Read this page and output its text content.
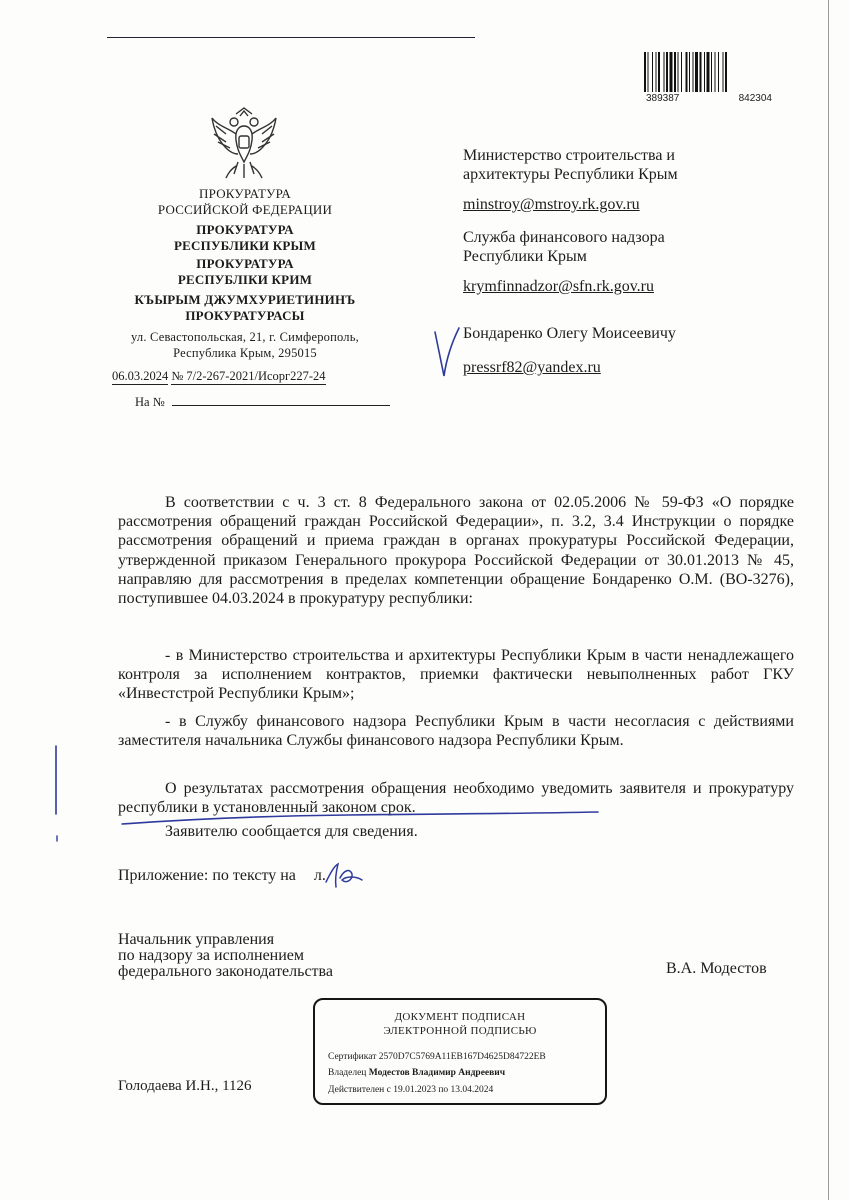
389387	842304
ПРОКУРАТУРА
РОССИЙСКОЙ ФЕДЕРАЦИИ
ПРОКУРАТУРА
РЕСПУБЛИКИ КРЫМ
ПРОКУРАТУРА
РЕСПУБЛIКИ КРИМ
КЪЫРЫМ ДЖУМХУРИЕТИНИНЪ
ПРОКУРАТУРАСЫ
ул. Севастопольская, 21, г. Симферополь,
Республика Крым, 295015
06.03.2024 № 7/2-267-2021/Исорг227-24
На №
Министерство строительства и
архитектуры Республики Крым
minstroy@mstroy.rk.gov.ru
Служба финансового надзора
Республики Крым
krymfinnadzor@sfn.rk.gov.ru
Бондаренко Олегу Моисеевичу
pressrf82@yandex.ru
В соответствии с ч. 3 ст. 8 Федерального закона от 02.05.2006 № 59-ФЗ «О порядке рассмотрения обращений граждан Российской Федерации», п. 3.2, 3.4 Инструкции о порядке рассмотрения обращений и приема граждан в органах прокуратуры Российской Федерации, утвержденной приказом Генерального прокурора Российской Федерации от 30.01.2013 № 45, направляю для рассмотрения в пределах компетенции обращение Бондаренко О.М. (ВО-3276), поступившее 04.03.2024 в прокуратуру республики:
- в Министерство строительства и архитектуры Республики Крым в части ненадлежащего контроля за исполнением контрактов, приемки фактически невыполненных работ ГКУ «Инвестстрой Республики Крым»;
- в Службу финансового надзора Республики Крым в части несогласия с действиями заместителя начальника Службы финансового надзора Республики Крым.
О результатах рассмотрения обращения необходимо уведомить заявителя и прокуратуру республики в установленный законом срок.
Заявителю сообщается для сведения.
Приложение: по тексту на л.
Начальник управления
по надзору за исполнением
федерального законодательства	В.А. Модестов
ДОКУМЕНТ ПОДПИСАН
ЭЛЕКТРОННОЙ ПОДПИСЬЮ
Сертификат 2570D7C5769A11EB167D4625D84722EB
Владелец Модестов Владимир Андреевич
Действителен с 19.01.2023 по 13.04.2024
Голодаева И.Н., 1126
